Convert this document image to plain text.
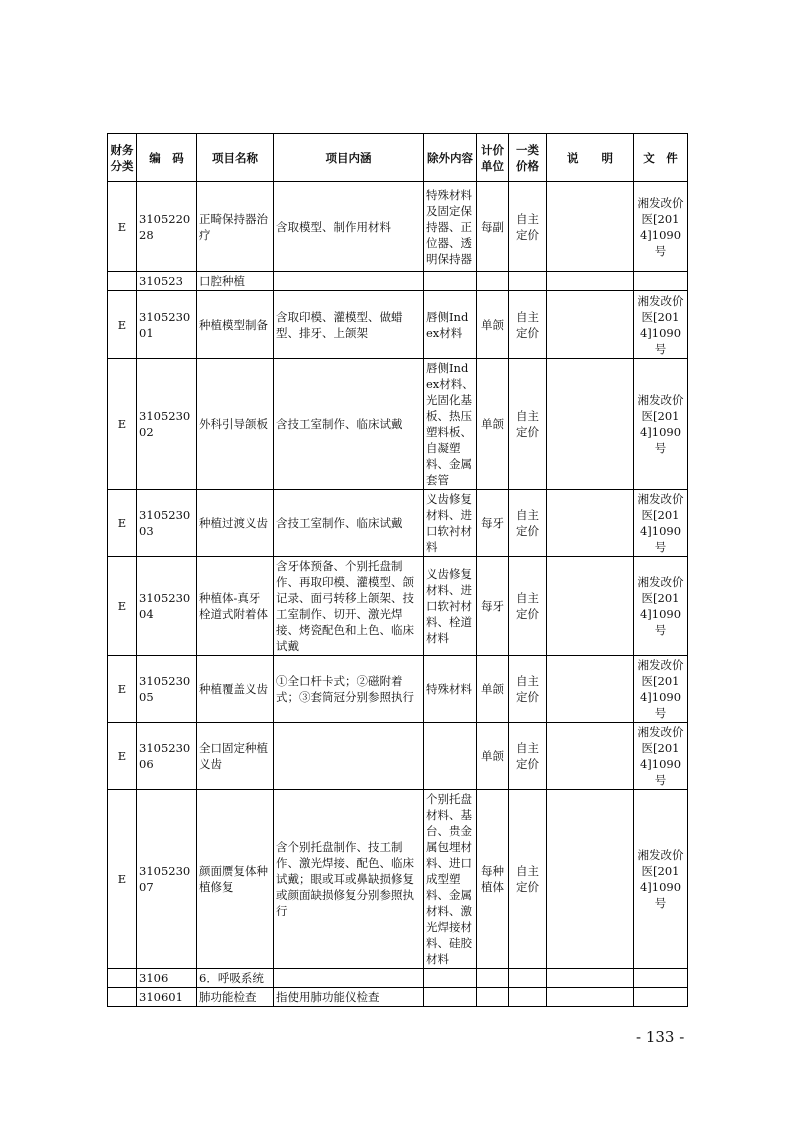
财务分类	编　码	项目名称	项目内涵	除外内容	计价单位	一类价格	说　　明	文　件
E	310522028	正畸保持器治疗	含取模型、制作用材料	特殊材料及固定保持器、正位器、透明保持器	每副	自主定价		湘发改价医[2014]1090号
	310523	口腔种植						
E	310523001	种植模型制备	含取印模、灌模型、做蜡型、排牙、上颌架	唇侧Index材料	单颌	自主定价		湘发改价医[2014]1090号
E	310523002	外科引导颌板	含技工室制作、临床试戴	唇侧Index材料、光固化基板、热压塑料板、自凝塑料、金属套管	单颌	自主定价		湘发改价医[2014]1090号
E	310523003	种植过渡义齿	含技工室制作、临床试戴	义齿修复材料、进口软衬材料	每牙	自主定价		湘发改价医[2014]1090号
E	310523004	种植体-真牙栓道式附着体	含牙体预备、个别托盘制作、再取印模、灌模型、颌记录、面弓转移上颌架、技工室制作、切开、激光焊接、烤瓷配色和上色、临床试戴	义齿修复材料、进口软衬材料、栓道材料	每牙	自主定价		湘发改价医[2014]1090号
E	310523005	种植覆盖义齿	①全口杆卡式；②磁附着式；③套筒冠分别参照执行	特殊材料	单颌	自主定价		湘发改价医[2014]1090号
E	310523006	全口固定种植义齿			单颌	自主定价		湘发改价医[2014]1090号
E	310523007	颜面赝复体种植修复	含个别托盘制作、技工制作、激光焊接、配色、临床试戴；眼或耳或鼻缺损修复或颜面缺损修复分别参照执行	个别托盘材料、基台、贵金属包埋材料、进口成型塑料、金属材料、激光焊接材料、硅胶材料	每种植体	自主定价		湘发改价医[2014]1090号
	3106	6．呼吸系统						
	310601	肺功能检查	指使用肺功能仪检查					
- 133 -
